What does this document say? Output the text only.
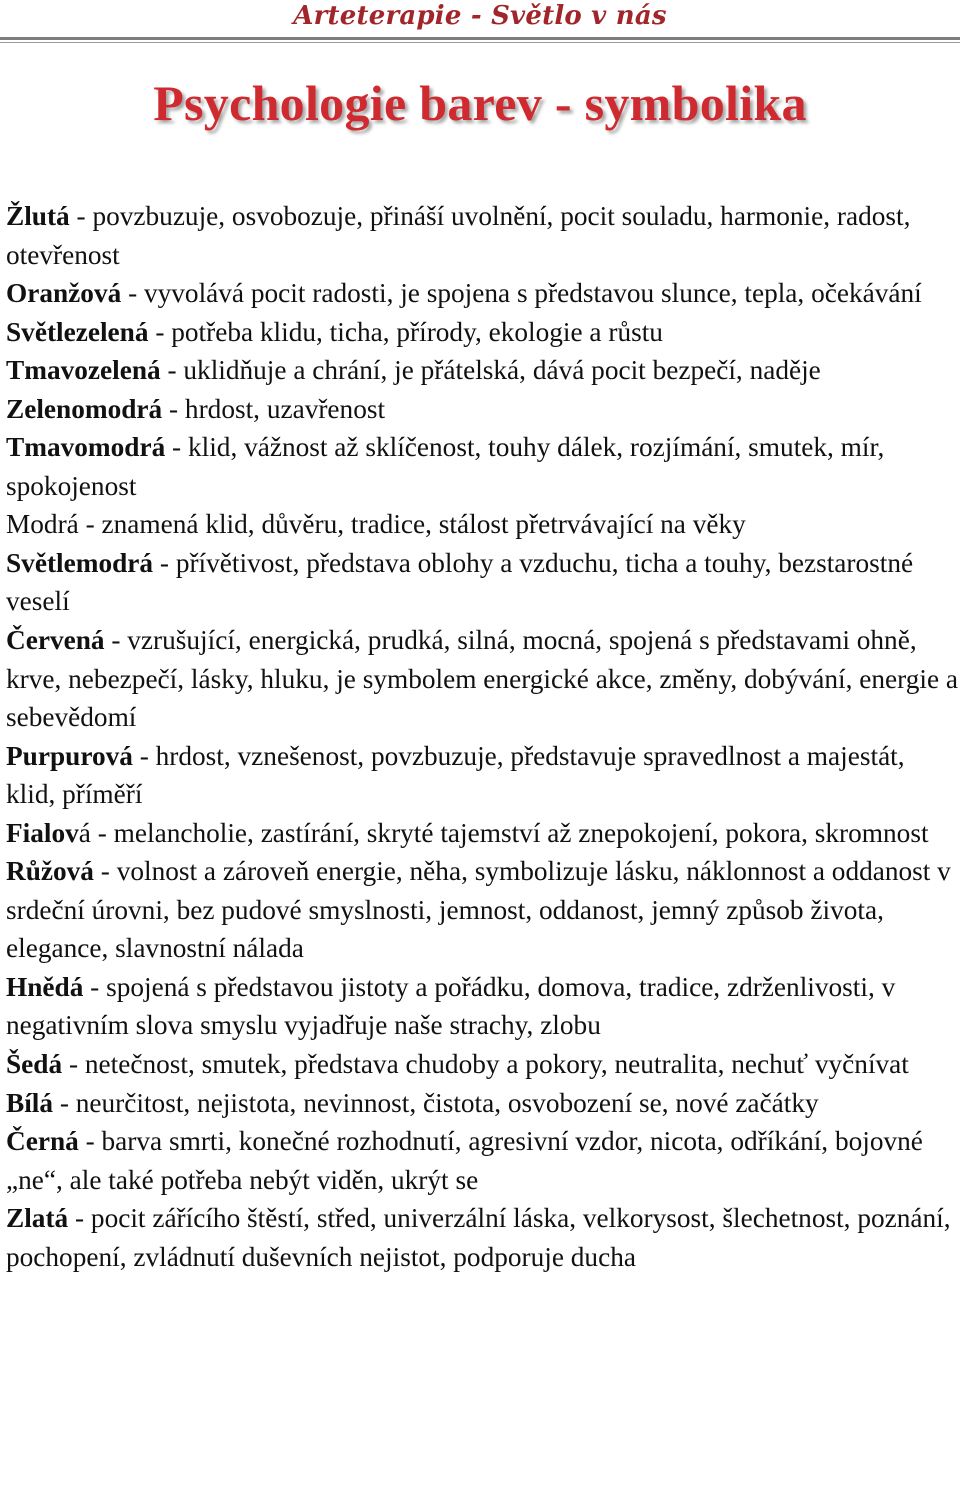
Arteterapie - Světlo v nás
Psychologie barev - symbolika

Žlutá - povzbuzuje, osvobozuje, přináší uvolnění, pocit souladu, harmonie, radost, otevřenost

Oranžová - vyvolává pocit radosti, je spojena s představou slunce, tepla, očekávání

Světlezelená - potřeba klidu, ticha, přírody, ekologie a růstu

Tmavozelená - uklidňuje a chrání, je přátelská, dává pocit bezpečí, naděje

Zelenomodrá - hrdost, uzavřenost

Tmavomodrá - klid, vážnost až sklíčenost, touhy dálek, rozjímání, smutek, mír, spokojenost

Modrá - znamená klid, důvěru, tradice, stálost přetrvávající na věky

Světlemodrá - přívětivost, představa oblohy a vzduchu, ticha a touhy, bezstarostné veselí

Červená - vzrušující, energická, prudká, silná, mocná, spojená s představami ohně, krve, nebezpečí, lásky, hluku, je symbolem energické akce, změny, dobývání, energie a sebevědomí

Purpurová - hrdost, vznešenost, povzbuzuje, představuje spravedlnost a majestát, klid, příměří

Fialová - melancholie, zastírání, skryté tajemství až znepokojení, pokora, skromnost

Růžová - volnost a zároveň energie, něha, symbolizuje lásku, náklonnost a oddanost v srdeční úrovni, bez pudové smyslnosti, jemnost, oddanost, jemný způsob života, elegance, slavnostní nálada

Hnědá - spojená s představou jistoty a pořádku, domova, tradice, zdrženlivosti, v negativním slova smyslu vyjadřuje naše strachy, zlobu

Šedá - netečnost, smutek, představa chudoby a pokory, neutralita, nechuť vyčnívat

Bílá - neurčitost, nejistota, nevinnost, čistota, osvobození se, nové začátky

Černá - barva smrti, konečné rozhodnutí, agresivní vzdor, nicota, odříkání, bojovné „ne“, ale také potřeba nebýt viděn, ukrýt se

Zlatá - pocit zářícího štěstí, střed, univerzální láska, velkorysost, šlechetnost, poznání, pochopení, zvládnutí duševních nejistot, podporuje ducha
